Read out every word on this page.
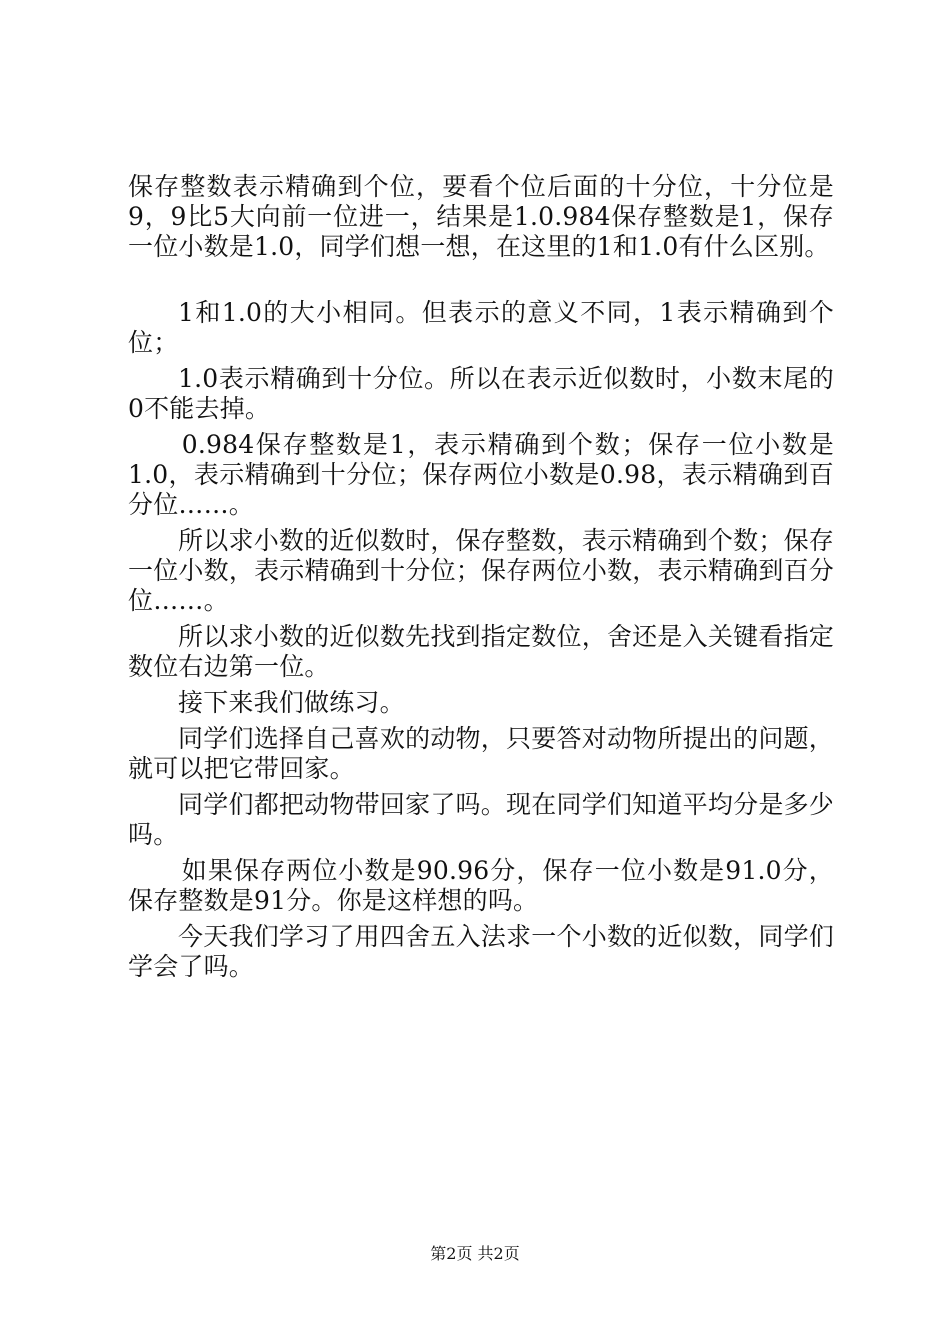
保存整数表示精确到个位，要看个位后面的十分位，十分位是9，9比5大向前一位进一，结果是1.0.984保存整数是1，保存一位小数是1.0，同学们想一想，在这里的1和1.0有什么区别。

1和1.0的大小相同。但表示的意义不同，1表示精确到个位；

1.0表示精确到十分位。所以在表示近似数时，小数末尾的0不能去掉。

0.984保存整数是1，表示精确到个数；保存一位小数是1.0，表示精确到十分位；保存两位小数是0.98，表示精确到百分位……。

所以求小数的近似数时，保存整数，表示精确到个数；保存一位小数，表示精确到十分位；保存两位小数，表示精确到百分位……。

所以求小数的近似数先找到指定数位，舍还是入关键看指定数位右边第一位。

接下来我们做练习。

同学们选择自己喜欢的动物，只要答对动物所提出的问题，就可以把它带回家。

同学们都把动物带回家了吗。现在同学们知道平均分是多少吗。

如果保存两位小数是90.96分，保存一位小数是91.0分，保存整数是91分。你是这样想的吗。

今天我们学习了用四舍五入法求一个小数的近似数，同学们学会了吗。

第2页 共2页
